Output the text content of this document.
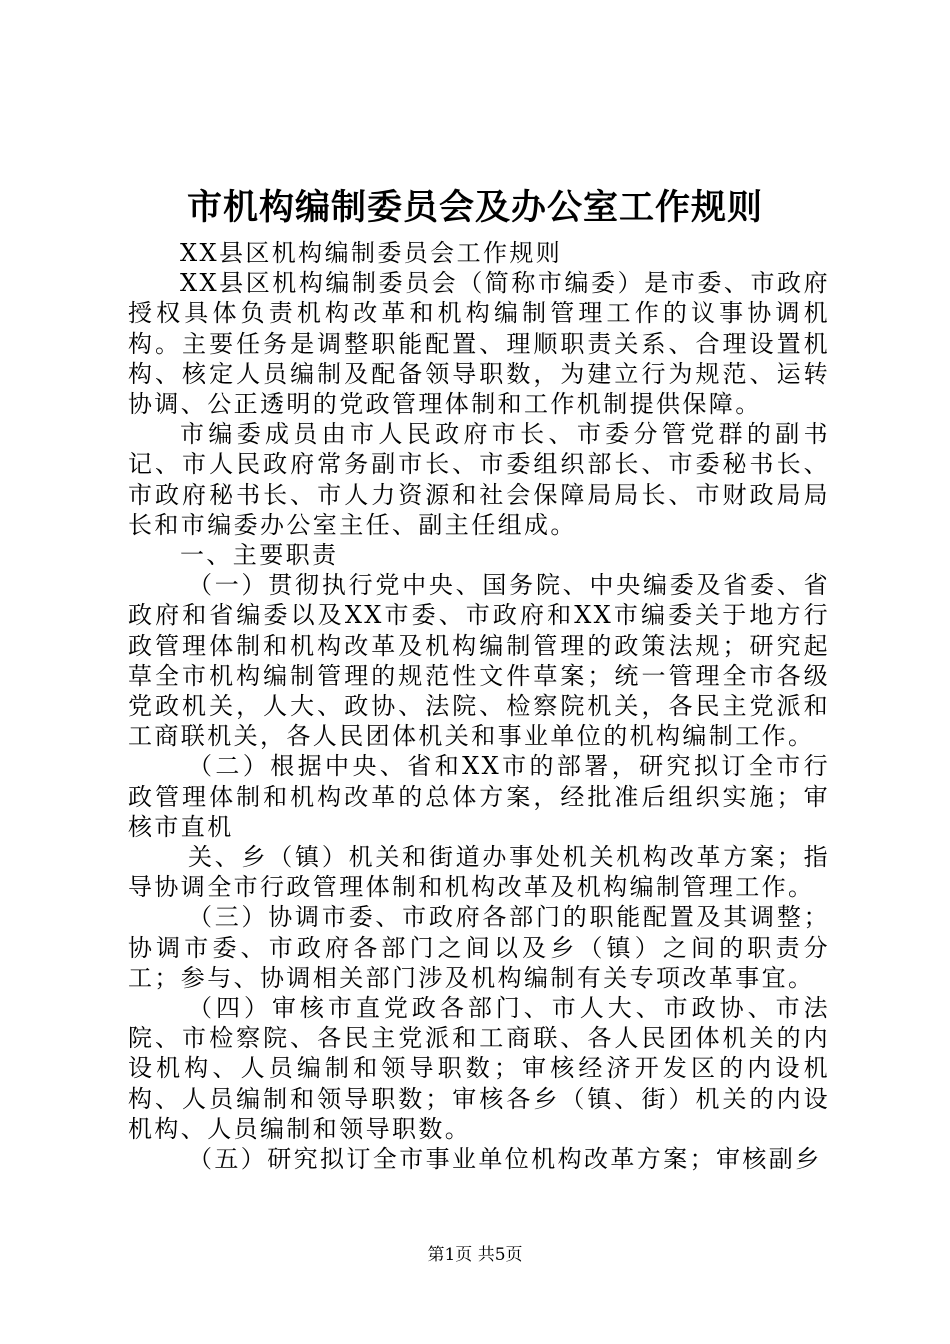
市机构编制委员会及办公室工作规则

XX县区机构编制委员会工作规则

XX县区机构编制委员会（简称市编委）是市委、市政府授权具体负责机构改革和机构编制管理工作的议事协调机构。主要任务是调整职能配置、理顺职责关系、合理设置机构、核定人员编制及配备领导职数，为建立行为规范、运转协调、公正透明的党政管理体制和工作机制提供保障。

市编委成员由市人民政府市长、市委分管党群的副书记、市人民政府常务副市长、市委组织部长、市委秘书长、市政府秘书长、市人力资源和社会保障局局长、市财政局局长和市编委办公室主任、副主任组成。

一、主要职责

（一）贯彻执行党中央、国务院、中央编委及省委、省政府和省编委以及XX市委、市政府和XX市编委关于地方行政管理体制和机构改革及机构编制管理的政策法规；研究起草全市机构编制管理的规范性文件草案；统一管理全市各级党政机关，人大、政协、法院、检察院机关，各民主党派和工商联机关，各人民团体机关和事业单位的机构编制工作。

（二）根据中央、省和XX市的部署，研究拟订全市行政管理体制和机构改革的总体方案，经批准后组织实施；审核市直机

关、乡（镇）机关和街道办事处机关机构改革方案；指导协调全市行政管理体制和机构改革及机构编制管理工作。

（三）协调市委、市政府各部门的职能配置及其调整；协调市委、市政府各部门之间以及乡（镇）之间的职责分工；参与、协调相关部门涉及机构编制有关专项改革事宜。

（四）审核市直党政各部门、市人大、市政协、市法院、市检察院、各民主党派和工商联、各人民团体机关的内设机构、人员编制和领导职数；审核经济开发区的内设机构、人员编制和领导职数；审核各乡（镇、街）机关的内设机构、人员编制和领导职数。

（五）研究拟订全市事业单位机构改革方案；审核副乡

第1页 共5页
